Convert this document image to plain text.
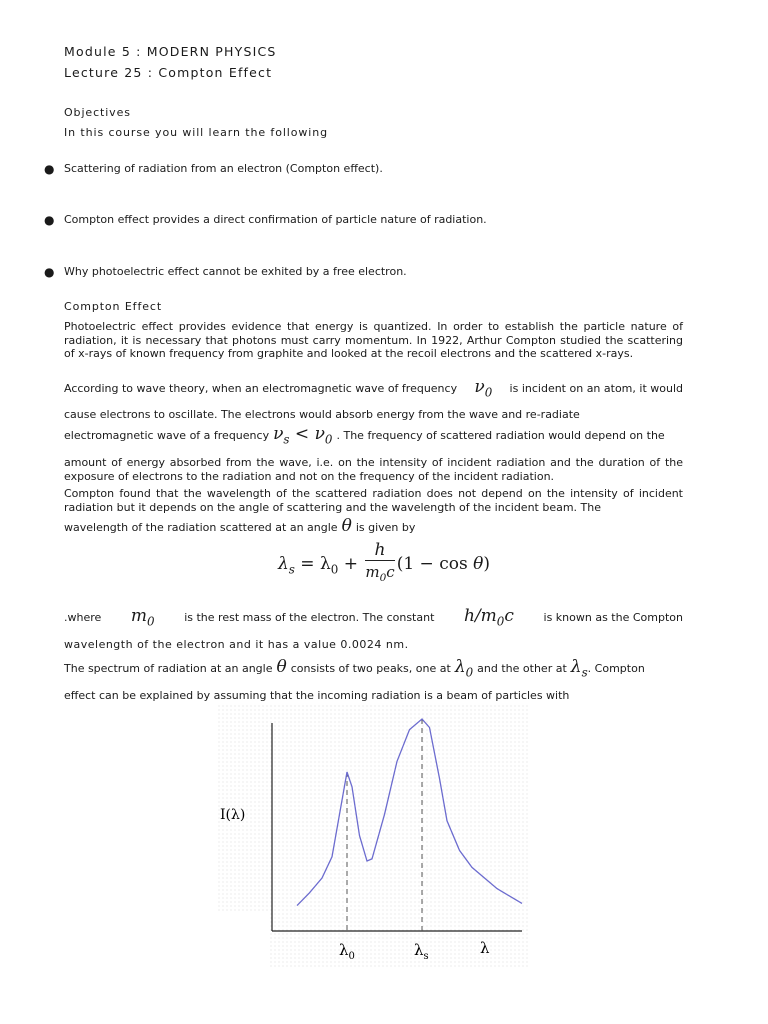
Module 5 : MODERN PHYSICS
Lecture 25 : Compton Effect
Objectives
In this course you will learn the following
● Scattering of radiation from an electron (Compton effect).
● Compton effect provides a direct confirmation of particle nature of radiation.
● Why photoelectric effect cannot be exhited by a free electron.
Compton Effect
Photoelectric effect provides evidence that energy is quantized. In order to establish the particle nature of radiation, it is necessary that photons must carry momentum. In 1922, Arthur Compton studied the scattering of x-rays of known frequency from graphite and looked at the recoil electrons and the scattered x-rays.
According to wave theory, when an electromagnetic wave of frequency $\nu_0$ is incident on an atom, it would
cause electrons to oscillate. The electrons would absorb energy from the wave and re-radiate
electromagnetic wave of a frequency $\nu_s < \nu_0$ . The frequency of scattered radiation would depend on the
amount of energy absorbed from the wave, i.e. on the intensity of incident radiation and the duration of the exposure of electrons to the radiation and not on the frequency of the incident radiation.
Compton found that the wavelength of the scattered radiation does not depend on the intensity of incident radiation but it depends on the angle of scattering and the wavelength of the incident beam. The
wavelength of the radiation scattered at an angle θ is given by
$\lambda_s = \lambda_0 + \frac{h}{m_0c} (1 - \cos \theta)$
.where $m_0$	is the rest mass of the electron. The constant $h/m_0c$	is known as the Compton
wavelength of the electron and it has a value 0.0024 nm.
The spectrum of radiation at an angle θ consists of two peaks, one at $\lambda_0$ and the other at $\lambda_s$ . Compton
effect can be explained by assuming that the incoming radiation is a beam of particles with
I(λ)
$\lambda_0$	$\lambda_s$	λ
